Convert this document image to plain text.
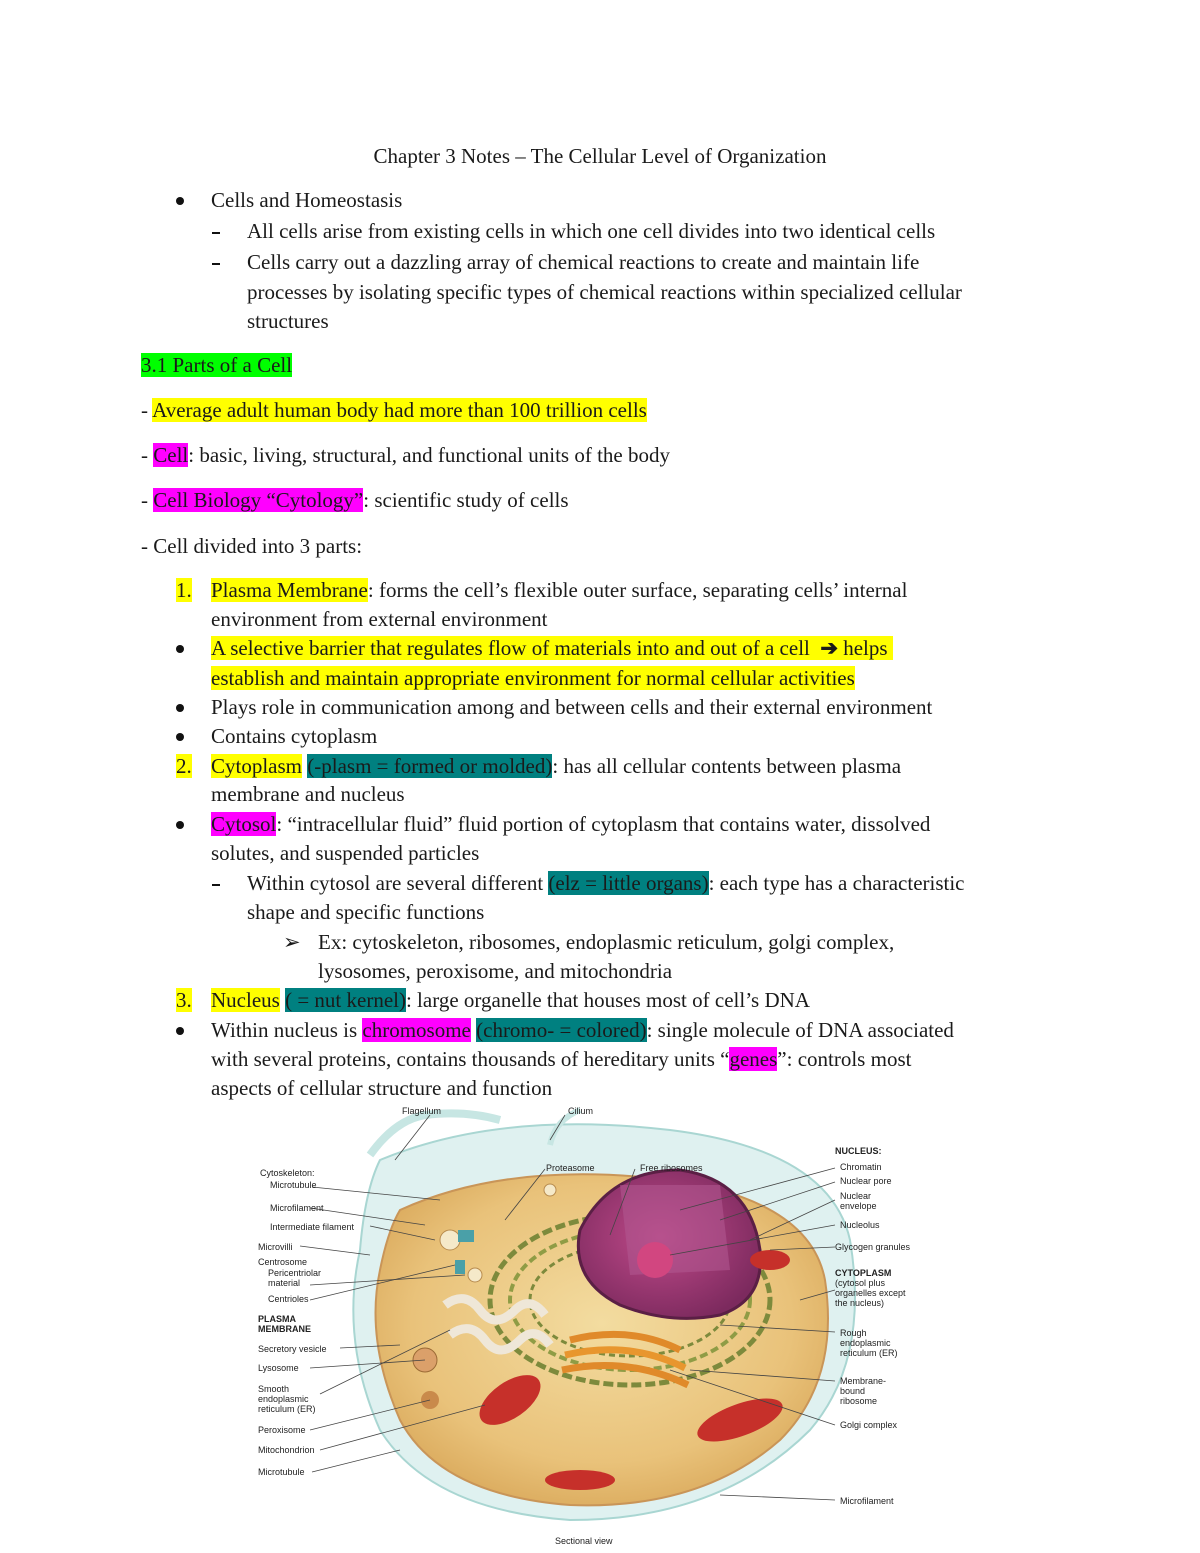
Chapter 3 Notes – The Cellular Level of Organization
Cells and Homeostasis
All cells arise from existing cells in which one cell divides into two identical cells
Cells carry out a dazzling array of chemical reactions to create and maintain life
processes by isolating specific types of chemical reactions within specialized cellular
structures
3.1 Parts of a Cell
- Average adult human body had more than 100 trillion cells
- Cell: basic, living, structural, and functional units of the body
- Cell Biology “Cytology”: scientific study of cells
- Cell divided into 3 parts:
1. Plasma Membrane: forms the cell’s flexible outer surface, separating cells’ internal
environment from external environment
A selective barrier that regulates flow of materials into and out of a cell ➔ helps
establish and maintain appropriate environment for normal cellular activities
Plays role in communication among and between cells and their external environment
Contains cytoplasm
2. Cytoplasm (-plasm = formed or molded): has all cellular contents between plasma
membrane and nucleus
Cytosol: “intracellular fluid” fluid portion of cytoplasm that contains water, dissolved
solutes, and suspended particles
Within cytosol are several different (elz = little organs): each type has a characteristic
shape and specific functions
➢ Ex: cytoskeleton, ribosomes, endoplasmic reticulum, golgi complex,
lysosomes, peroxisome, and mitochondria
3. Nucleus ( = nut kernel): large organelle that houses most of cell’s DNA
Within nucleus is chromosome (chromo- = colored): single molecule of DNA associated
with several proteins, contains thousands of hereditary units “genes”: controls most
aspects of cellular structure and function
Cytoskeleton:
Microtubule
Microfilament
Intermediate filament
Microvilli
Centrosome
Pericentriolar
material
Centrioles
PLASMA
MEMBRANE
Secretory vesicle
Lysosome
Smooth
endoplasmic
reticulum (ER)
Peroxisome
Mitochondrion
Microtubule
Flagellum	Cilium
Proteasome	Free ribosomes
NUCLEUS:
Chromatin
Nuclear pore
Nuclear
envelope
Nucleolus
Glycogen granules
CYTOPLASM
(cytosol plus
organelles except
the nucleus)
Rough
endoplasmic
reticulum (ER)
Membrane-
bound
ribosome
Golgi complex
Microfilament
Sectional view
